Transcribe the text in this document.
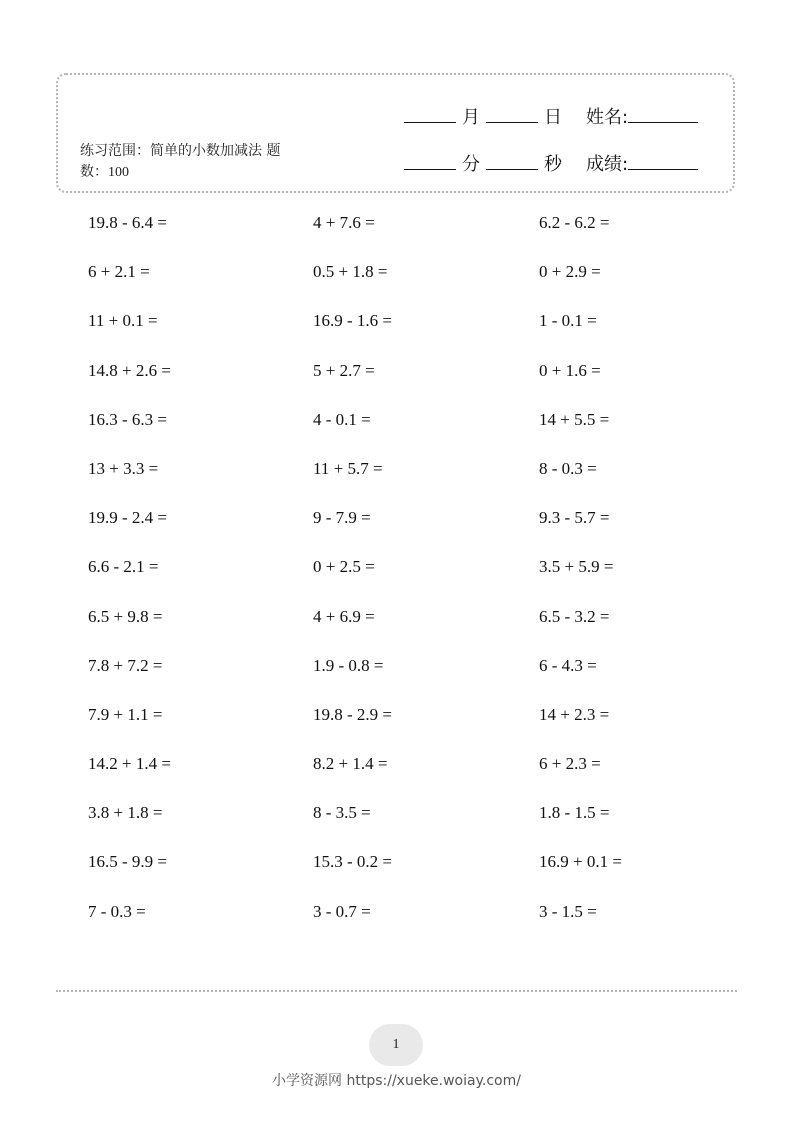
练习范围：简单的小数加减法 题数：100
月	日 姓名:
分	秒 成绩:
19.8 - 6.4 =	4 + 7.6 =	6.2 - 6.2 =
6 + 2.1 =	0.5 + 1.8 =	0 + 2.9 =
11 + 0.1 =	16.9 - 1.6 =	1 - 0.1 =
14.8 + 2.6 =	5 + 2.7 =	0 + 1.6 =
16.3 - 6.3 =	4 - 0.1 =	14 + 5.5 =
13 + 3.3 =	11 + 5.7 =	8 - 0.3 =
19.9 - 2.4 =	9 - 7.9 =	9.3 - 5.7 =
6.6 - 2.1 =	0 + 2.5 =	3.5 + 5.9 =
6.5 + 9.8 =	4 + 6.9 =	6.5 - 3.2 =
7.8 + 7.2 =	1.9 - 0.8 =	6 - 4.3 =
7.9 + 1.1 =	19.8 - 2.9 =	14 + 2.3 =
14.2 + 1.4 =	8.2 + 1.4 =	6 + 2.3 =
3.8 + 1.8 =	8 - 3.5 =	1.8 - 1.5 =
16.5 - 9.9 =	15.3 - 0.2 =	16.9 + 0.1 =
7 - 0.3 =	3 - 0.7 =	3 - 1.5 =
1
小学资源网 https://xueke.woiay.com/
